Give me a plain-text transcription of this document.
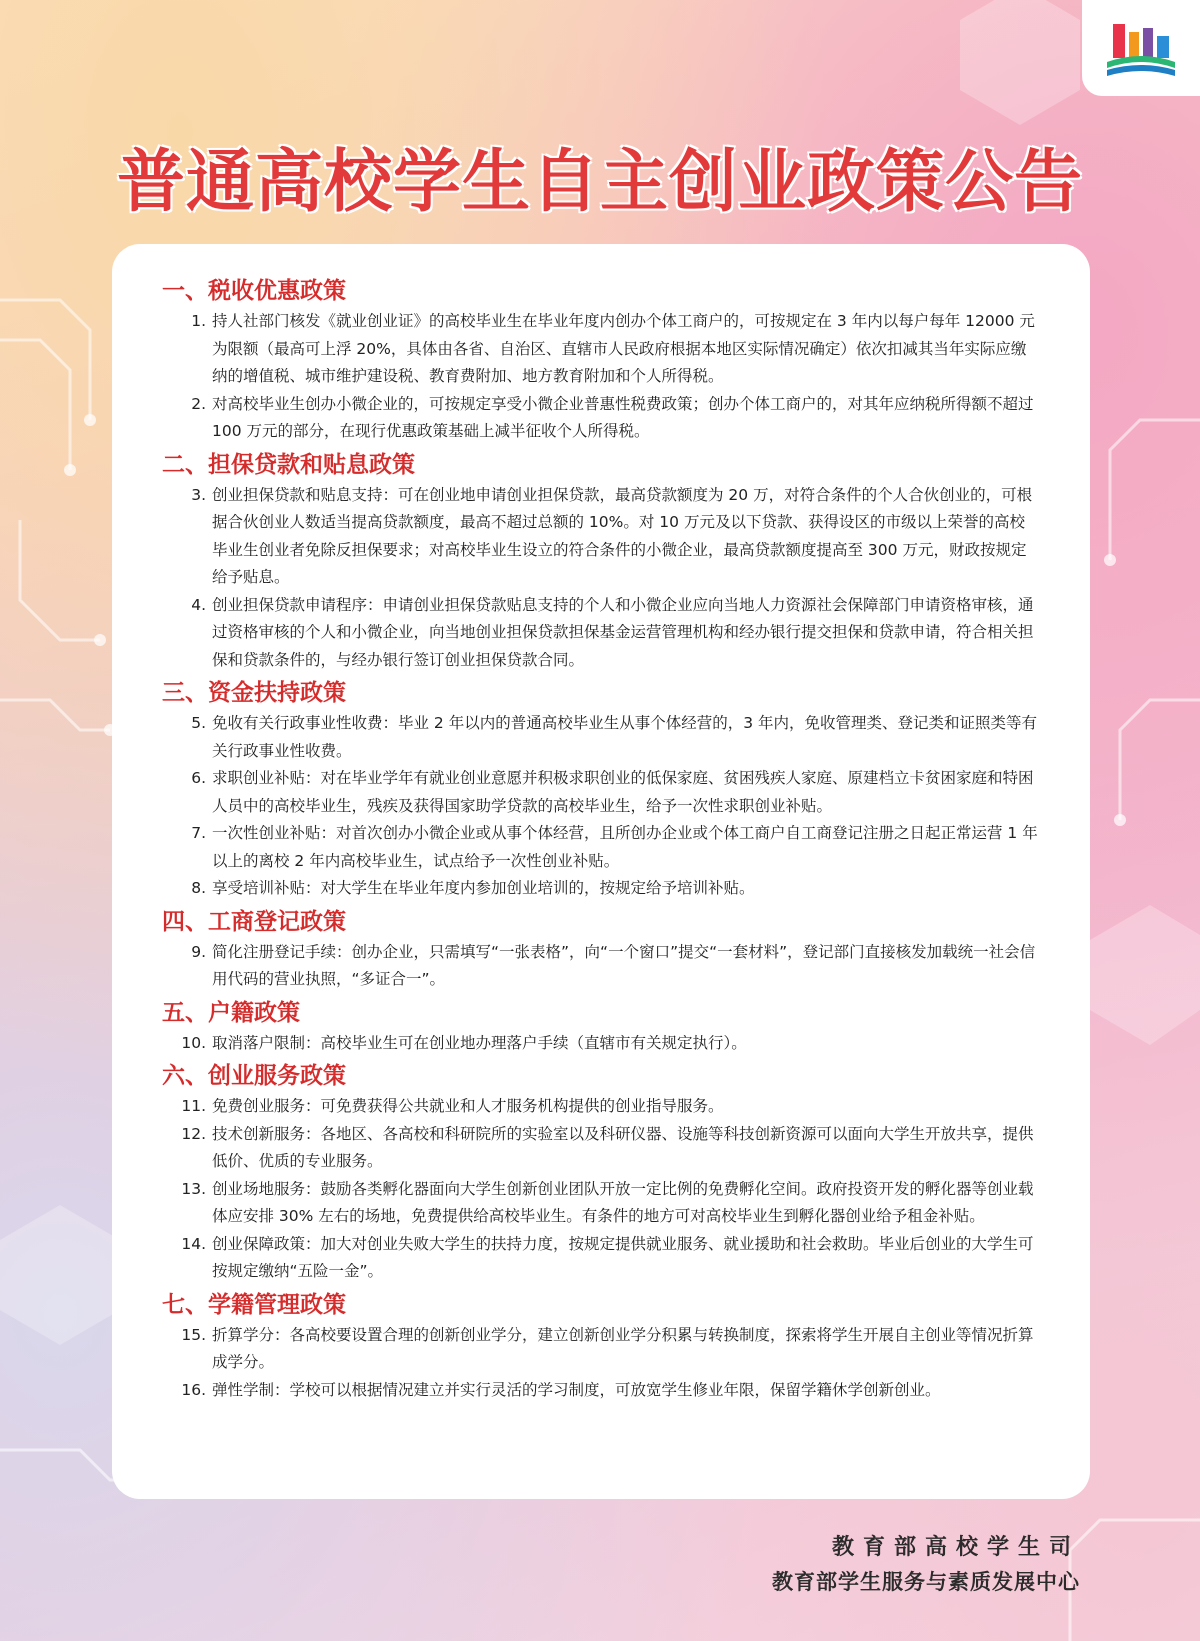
普通高校学生自主创业政策公告
一、税收优惠政策
1. 持人社部门核发《就业创业证》的高校毕业生在毕业年度内创办个体工商户的，可按规定在 3 年内以每户每年 12000 元为限额（最高可上浮 20%，具体由各省、自治区、直辖市人民政府根据本地区实际情况确定）依次扣减其当年实际应缴纳的增值税、城市维护建设税、教育费附加、地方教育附加和个人所得税。
2. 对高校毕业生创办小微企业的，可按规定享受小微企业普惠性税费政策；创办个体工商户的，对其年应纳税所得额不超过 100 万元的部分，在现行优惠政策基础上减半征收个人所得税。
二、担保贷款和贴息政策
3. 创业担保贷款和贴息支持：可在创业地申请创业担保贷款，最高贷款额度为 20 万，对符合条件的个人合伙创业的，可根据合伙创业人数适当提高贷款额度，最高不超过总额的 10%。对 10 万元及以下贷款、获得设区的市级以上荣誉的高校毕业生创业者免除反担保要求；对高校毕业生设立的符合条件的小微企业，最高贷款额度提高至 300 万元，财政按规定给予贴息。
4. 创业担保贷款申请程序：申请创业担保贷款贴息支持的个人和小微企业应向当地人力资源社会保障部门申请资格审核，通过资格审核的个人和小微企业，向当地创业担保贷款担保基金运营管理机构和经办银行提交担保和贷款申请，符合相关担保和贷款条件的，与经办银行签订创业担保贷款合同。
三、资金扶持政策
5. 免收有关行政事业性收费：毕业 2 年以内的普通高校毕业生从事个体经营的，3 年内，免收管理类、登记类和证照类等有关行政事业性收费。
6. 求职创业补贴：对在毕业学年有就业创业意愿并积极求职创业的低保家庭、贫困残疾人家庭、原建档立卡贫困家庭和特困人员中的高校毕业生，残疾及获得国家助学贷款的高校毕业生，给予一次性求职创业补贴。
7. 一次性创业补贴：对首次创办小微企业或从事个体经营，且所创办企业或个体工商户自工商登记注册之日起正常运营 1 年以上的离校 2 年内高校毕业生，试点给予一次性创业补贴。
8. 享受培训补贴：对大学生在毕业年度内参加创业培训的，按规定给予培训补贴。
四、工商登记政策
9. 简化注册登记手续：创办企业，只需填写“一张表格”，向“一个窗口”提交“一套材料”，登记部门直接核发加载统一社会信用代码的营业执照，“多证合一”。
五、户籍政策
10. 取消落户限制：高校毕业生可在创业地办理落户手续（直辖市有关规定执行）。
六、创业服务政策
11. 免费创业服务：可免费获得公共就业和人才服务机构提供的创业指导服务。
12. 技术创新服务：各地区、各高校和科研院所的实验室以及科研仪器、设施等科技创新资源可以面向大学生开放共享，提供低价、优质的专业服务。
13. 创业场地服务：鼓励各类孵化器面向大学生创新创业团队开放一定比例的免费孵化空间。政府投资开发的孵化器等创业载体应安排 30% 左右的场地，免费提供给高校毕业生。有条件的地方可对高校毕业生到孵化器创业给予租金补贴。
14. 创业保障政策：加大对创业失败大学生的扶持力度，按规定提供就业服务、就业援助和社会救助。毕业后创业的大学生可按规定缴纳“五险一金”。
七、学籍管理政策
15. 折算学分：各高校要设置合理的创新创业学分，建立创新创业学分积累与转换制度，探索将学生开展自主创业等情况折算成学分。
16. 弹性学制：学校可以根据情况建立并实行灵活的学习制度，可放宽学生修业年限，保留学籍休学创新创业。
教育部高校学生司
教育部学生服务与素质发展中心
